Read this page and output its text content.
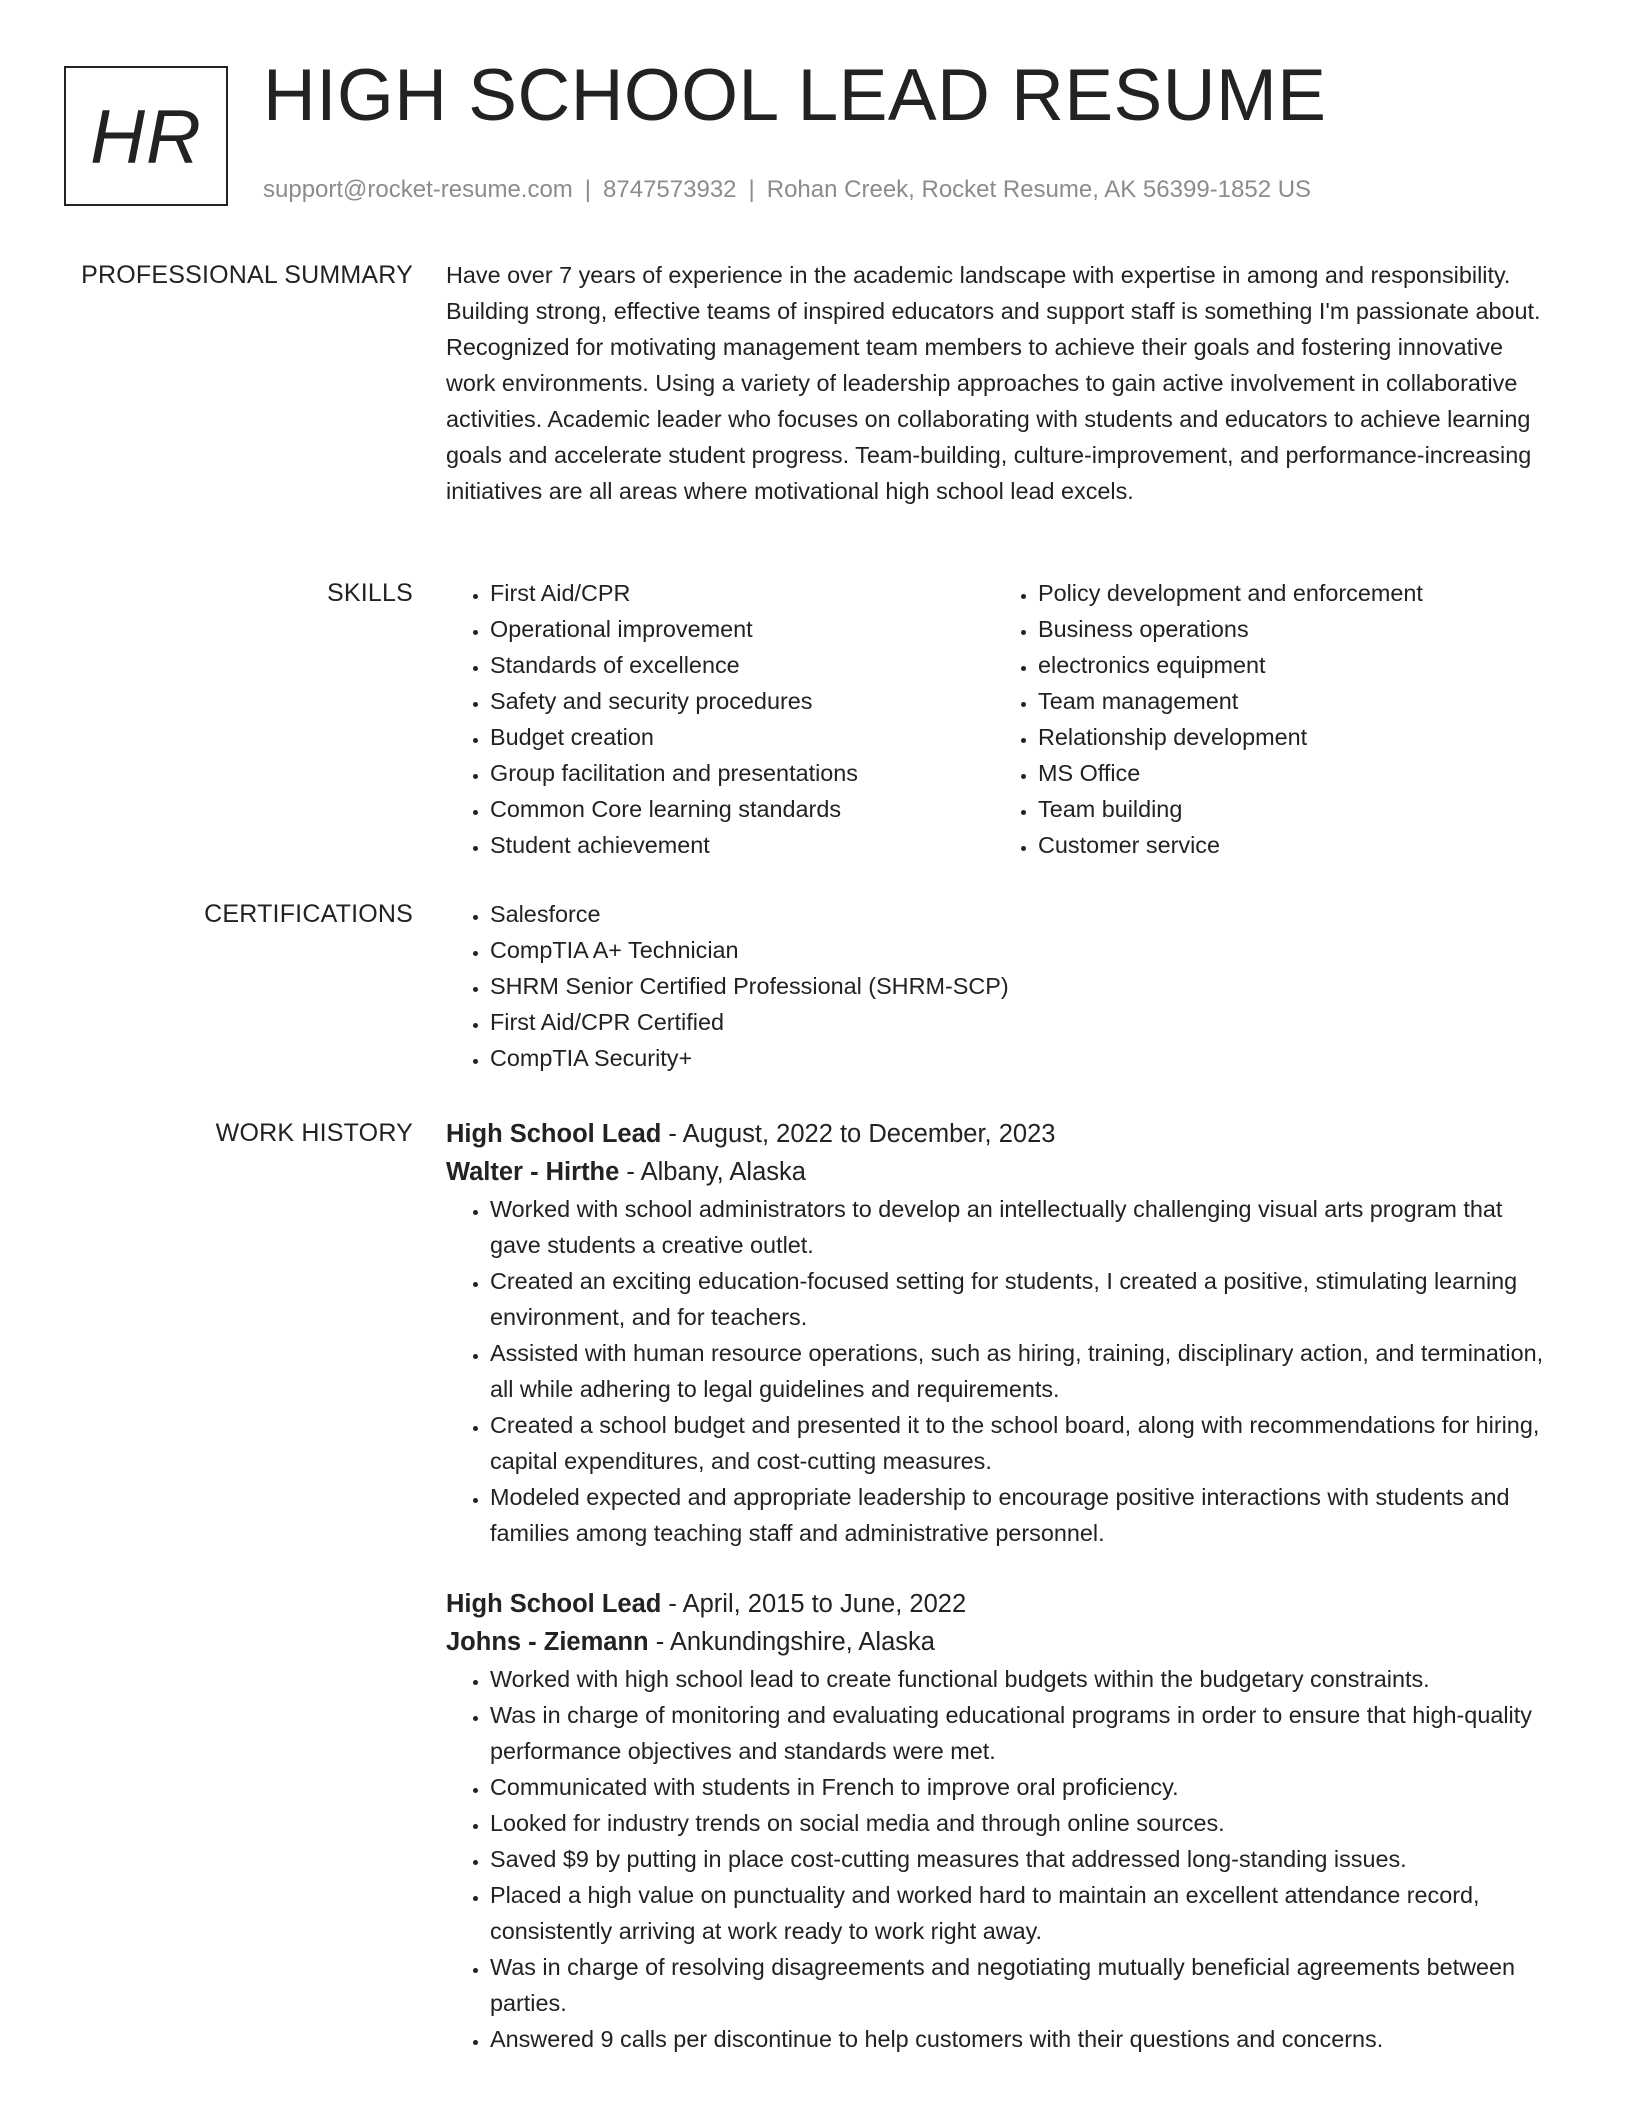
HR HIGH SCHOOL LEAD RESUME
support@rocket-resume.com | 8747573932 | Rohan Creek, Rocket Resume, AK 56399-1852 US
PROFESSIONAL SUMMARY Have over 7 years of experience in the academic landscape with expertise in among and responsibility. Building strong, effective teams of inspired educators and support staff is something I'm passionate about. Recognized for motivating management team members to achieve their goals and fostering innovative work environments. Using a variety of leadership approaches to gain active involvement in collaborative activities. Academic leader who focuses on collaborating with students and educators to achieve learning goals and accelerate student progress. Team-building, culture-improvement, and performance-increasing initiatives are all areas where motivational high school lead excels.

SKILLS	• First Aid/CPR
• Operational improvement
• Standards of excellence
• Safety and security procedures
• Budget creation
• Group facilitation and presentations
• Common Core learning standards
• Student achievement
• Policy development and enforcement
• Business operations
• electronics equipment
• Team management
• Relationship development
• MS Office
• Team building
• Customer service
CERTIFICATIONS	• Salesforce
• CompTIA A+ Technician
• SHRM Senior Certified Professional (SHRM-SCP)
• First Aid/CPR Certified
• CompTIA Security+
WORK HISTORY High School Lead - August, 2022 to December, 2023
Walter - Hirthe - Albany, Alaska
• Worked with school administrators to develop an intellectually challenging visual arts program that gave students a creative outlet.
• Created an exciting education-focused setting for students, I created a positive, stimulating learning environment, and for teachers.
• Assisted with human resource operations, such as hiring, training, disciplinary action, and termination, all while adhering to legal guidelines and requirements.
• Created a school budget and presented it to the school board, along with recommendations for hiring, capital expenditures, and cost-cutting measures.
• Modeled expected and appropriate leadership to encourage positive interactions with students and families among teaching staff and administrative personnel.
High School Lead - April, 2015 to June, 2022
Johns - Ziemann - Ankundingshire, Alaska
• Worked with high school lead to create functional budgets within the budgetary constraints.
• Was in charge of monitoring and evaluating educational programs in order to ensure that high-quality performance objectives and standards were met.
• Communicated with students in French to improve oral proficiency.
• Looked for industry trends on social media and through online sources.
• Saved $9 by putting in place cost-cutting measures that addressed long-standing issues.
• Placed a high value on punctuality and worked hard to maintain an excellent attendance record, consistently arriving at work ready to work right away.
• Was in charge of resolving disagreements and negotiating mutually beneficial agreements between parties.
• Answered 9 calls per discontinue to help customers with their questions and concerns.
